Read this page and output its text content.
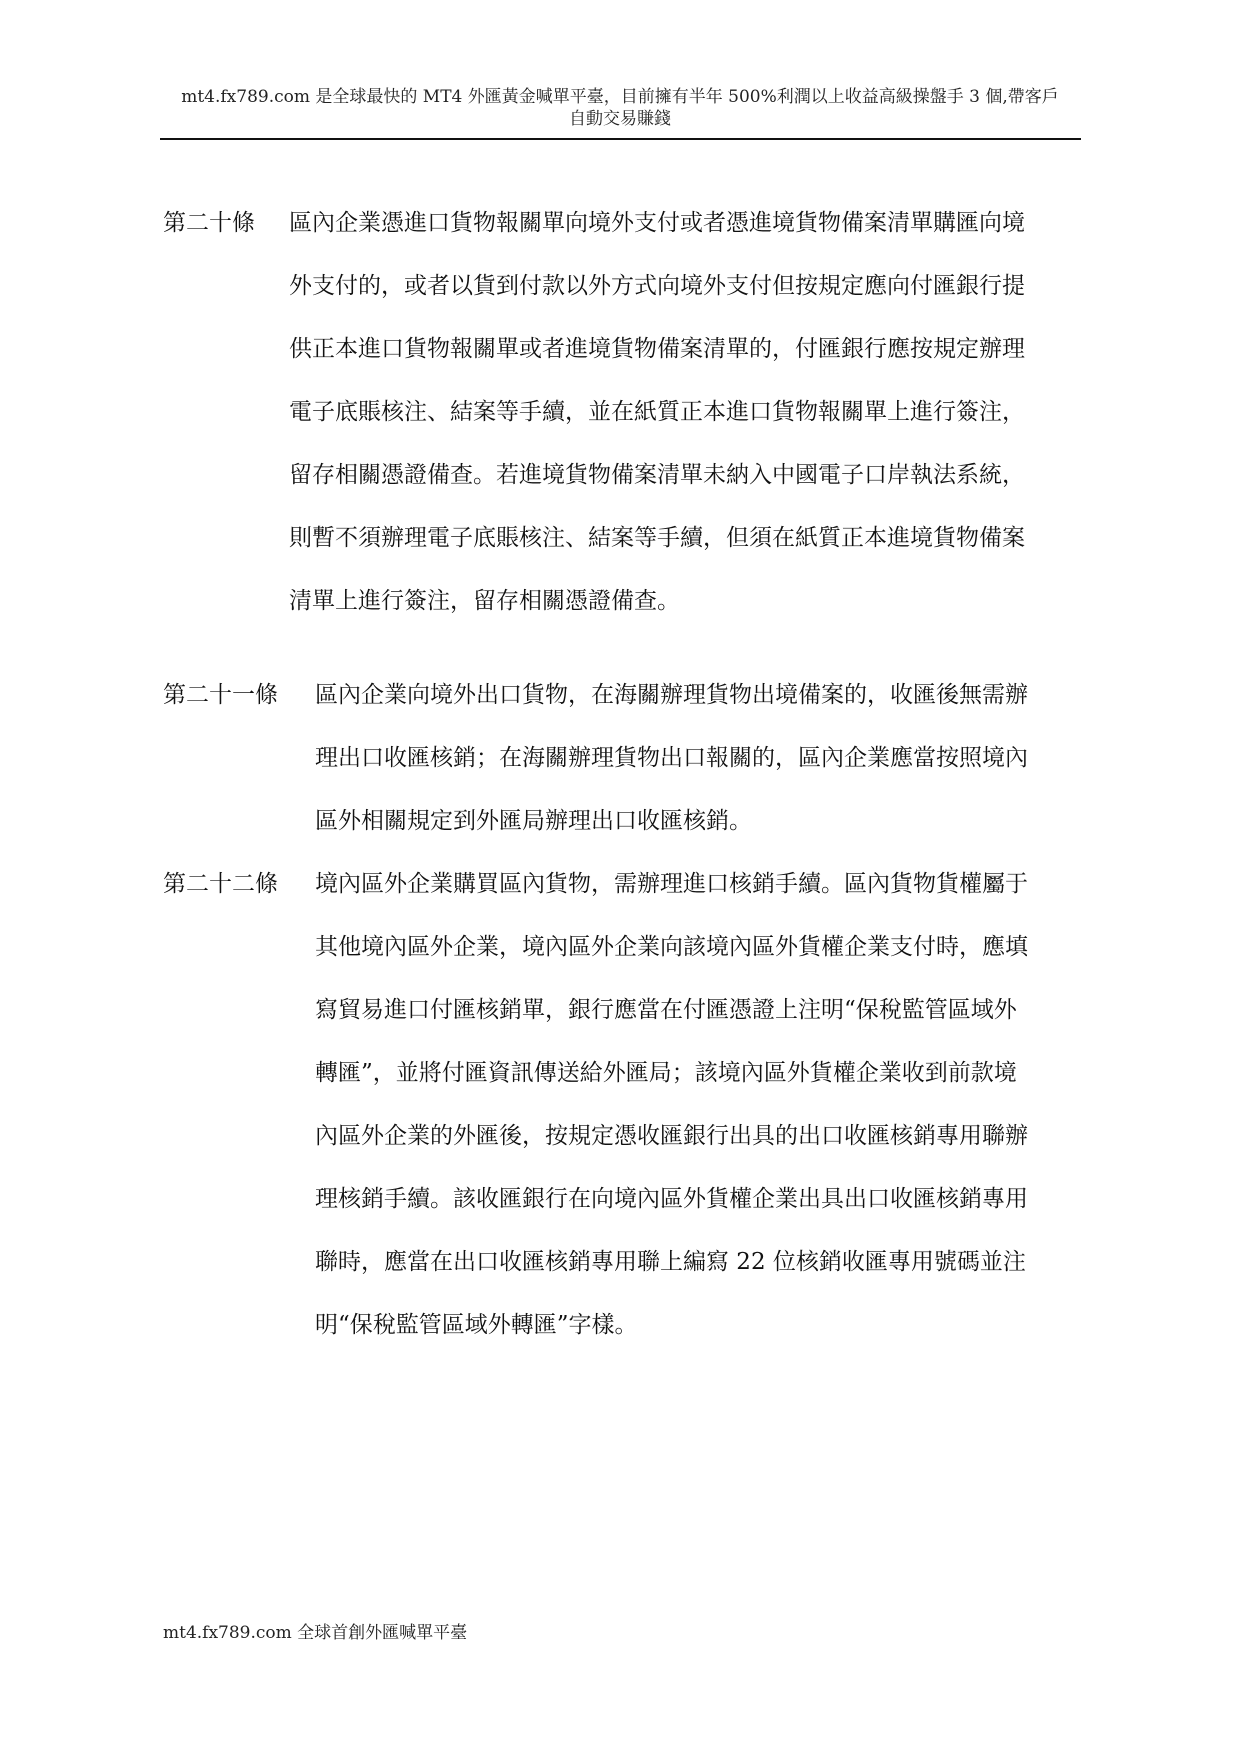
mt4.fx789.com 是全球最快的 MT4 外匯黃金喊單平臺，目前擁有半年 500%利潤以上收益高級操盤手 3 個,帶客戶
自動交易賺錢
第二十條 區內企業憑進口貨物報關單向境外支付或者憑進境貨物備案清單購匯向境
外支付的，或者以貨到付款以外方式向境外支付但按規定應向付匯銀行提
供正本進口貨物報關單或者進境貨物備案清單的，付匯銀行應按規定辦理
電子底賬核注、結案等手續，並在紙質正本進口貨物報關單上進行簽注，
留存相關憑證備查。若進境貨物備案清單未納入中國電子口岸執法系統，
則暫不須辦理電子底賬核注、結案等手續，但須在紙質正本進境貨物備案
清單上進行簽注，留存相關憑證備查。
第二十一條 區內企業向境外出口貨物，在海關辦理貨物出境備案的，收匯後無需辦
理出口收匯核銷；在海關辦理貨物出口報關的，區內企業應當按照境內
區外相關規定到外匯局辦理出口收匯核銷。
第二十二條 境內區外企業購買區內貨物，需辦理進口核銷手續。區內貨物貨權屬于
其他境內區外企業，境內區外企業向該境內區外貨權企業支付時，應填
寫貿易進口付匯核銷單，銀行應當在付匯憑證上注明“保稅監管區域外
轉匯”，並將付匯資訊傳送給外匯局；該境內區外貨權企業收到前款境
內區外企業的外匯後，按規定憑收匯銀行出具的出口收匯核銷專用聯辦
理核銷手續。該收匯銀行在向境內區外貨權企業出具出口收匯核銷專用
聯時，應當在出口收匯核銷專用聯上編寫 22 位核銷收匯專用號碼並注
明“保稅監管區域外轉匯”字樣。
mt4.fx789.com 全球首創外匯喊單平臺
